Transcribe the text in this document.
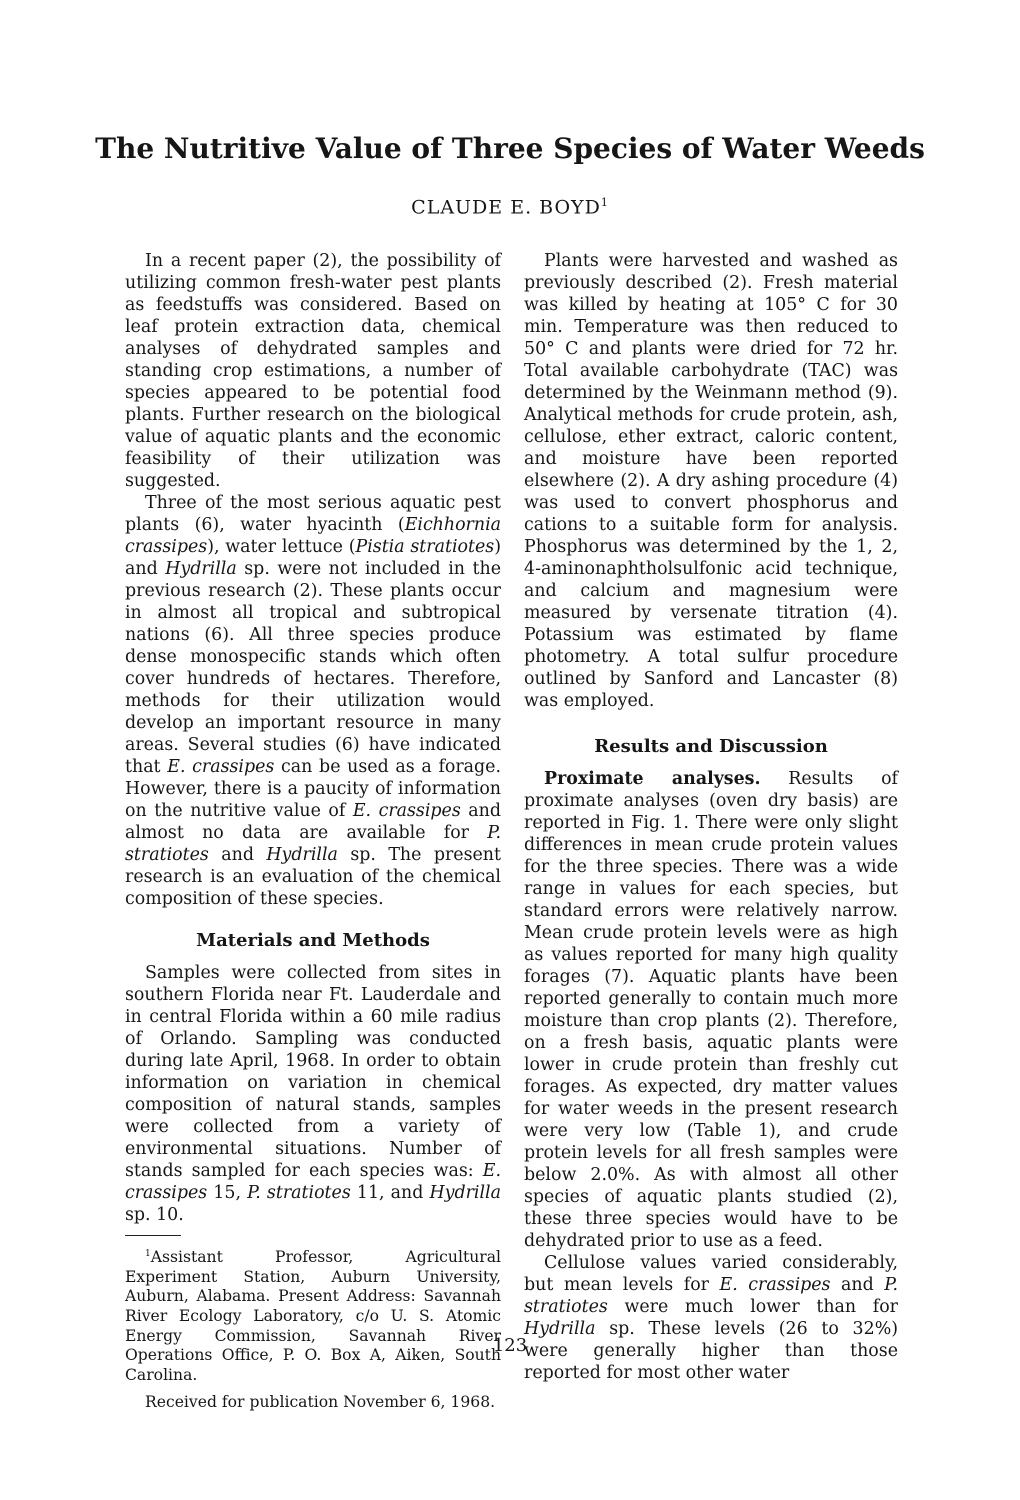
The Nutritive Value of Three Species of Water Weeds
CLAUDE E. BOYD$^1$

In a recent paper (2), the possibility of utilizing common fresh-water pest plants as feedstuffs was considered. Based on leaf protein extraction data, chemical analyses of dehydrated samples and standing crop estimations, a number of species appeared to be potential food plants. Further research on the biological value of aquatic plants and the economic feasibility of their utilization was suggested.

Three of the most serious aquatic pest plants (6), water hyacinth (Eichhornia crassipes), water lettuce (Pistia stratiotes) and Hydrilla sp. were not included in the previous research (2). These plants occur in almost all tropical and subtropical nations (6). All three species produce dense monospecific stands which often cover hundreds of hectares. Therefore, methods for their utilization would develop an important resource in many areas. Several studies (6) have indicated that E. crassipes can be used as a forage. However, there is a paucity of information on the nutritive value of E. crassipes and almost no data are available for P. stratiotes and Hydrilla sp. The present research is an evaluation of the chemical composition of these species.

Materials and Methods

Samples were collected from sites in southern Florida near Ft. Lauderdale and in central Florida within a 60 mile radius of Orlando. Sampling was conducted during late April, 1968. In order to obtain information on variation in chemical composition of natural stands, samples were collected from a variety of environmental situations. Number of stands sampled for each species was: E. crassipes 15, P. stratiotes 11, and Hydrilla sp. 10.

$^1$Assistant Professor, Agricultural Experiment Station, Auburn University, Auburn, Alabama. Present Address: Savannah River Ecology Laboratory, c/o U. S. Atomic Energy Commission, Savannah River Operations Office, P. O. Box A, Aiken, South Carolina.

Received for publication November 6, 1968.

Plants were harvested and washed as previously described (2). Fresh material was killed by heating at 105° C for 30 min. Temperature was then reduced to 50° C and plants were dried for 72 hr. Total available carbohydrate (TAC) was determined by the Weinmann method (9). Analytical methods for crude protein, ash, cellulose, ether extract, caloric content, and moisture have been reported elsewhere (2). A dry ashing procedure (4) was used to convert phosphorus and cations to a suitable form for analysis. Phosphorus was determined by the 1, 2, 4-aminonaphtholsulfonic acid technique, and calcium and magnesium were measured by versenate titration (4). Potassium was estimated by flame photometry. A total sulfur procedure outlined by Sanford and Lancaster (8) was employed.

Results and Discussion

Proximate analyses. Results of proximate analyses (oven dry basis) are reported in Fig. 1. There were only slight differences in mean crude protein values for the three species. There was a wide range in values for each species, but standard errors were relatively narrow. Mean crude protein levels were as high as values reported for many high quality forages (7). Aquatic plants have been reported generally to contain much more moisture than crop plants (2). Therefore, on a fresh basis, aquatic plants were lower in crude protein than freshly cut forages. As expected, dry matter values for water weeds in the present research were very low (Table 1), and crude protein levels for all fresh samples were below 2.0%. As with almost all other species of aquatic plants studied (2), these three species would have to be dehydrated prior to use as a feed.

Cellulose values varied considerably, but mean levels for E. crassipes and P. stratiotes were much lower than for Hydrilla sp. These levels (26 to 32%) were generally higher than those reported for most other water

123
